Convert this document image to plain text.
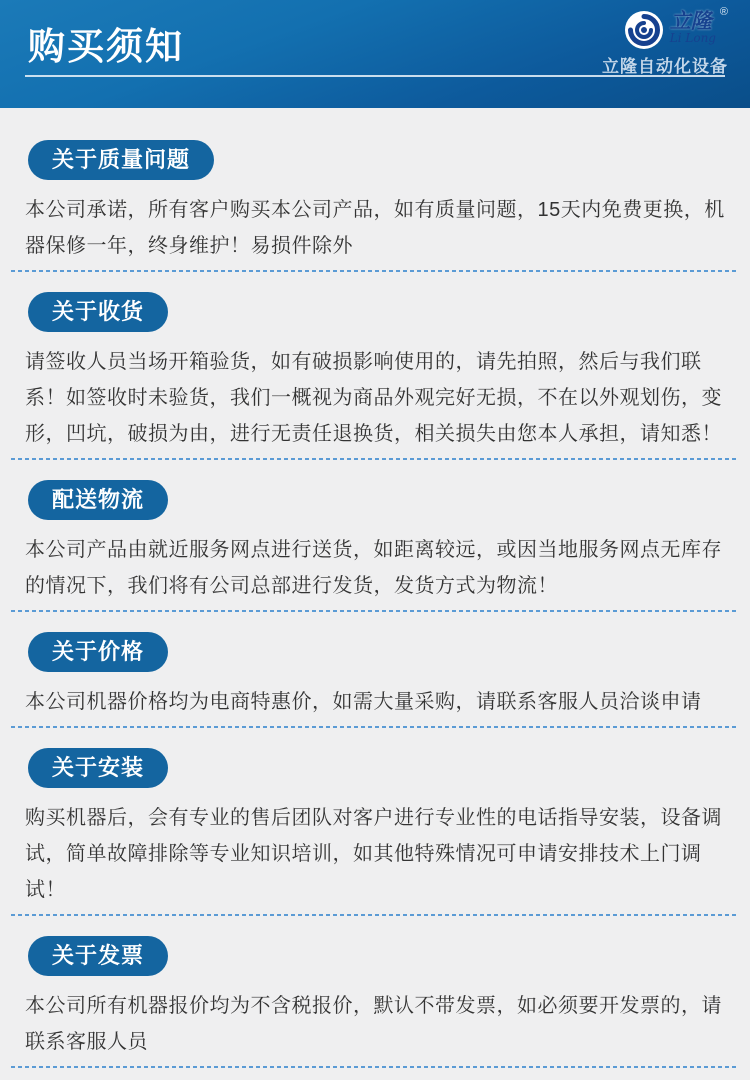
购买须知
®
立隆
Li Long
立隆自动化设备
关于质量问题

本公司承诺，所有客户购买本公司产品，如有质量问题，15天内免费更换，机器保修一年，终身维护！易损件除外

关于收货

请签收人员当场开箱验货，如有破损影响使用的，请先拍照，然后与我们联系！如签收时未验货，我们一概视为商品外观完好无损，不在以外观划伤，变形，凹坑，破损为由，进行无责任退换货，相关损失由您本人承担，请知悉！

配送物流

本公司产品由就近服务网点进行送货，如距离较远，或因当地服务网点无库存的情况下，我们将有公司总部进行发货，发货方式为物流！

关于价格

本公司机器价格均为电商特惠价，如需大量采购，请联系客服人员洽谈申请

关于安装

购买机器后，会有专业的售后团队对客户进行专业性的电话指导安装，设备调试，简单故障排除等专业知识培训，如其他特殊情况可申请安排技术上门调试！

关于发票

本公司所有机器报价均为不含税报价，默认不带发票，如必须要开发票的，请联系客服人员
